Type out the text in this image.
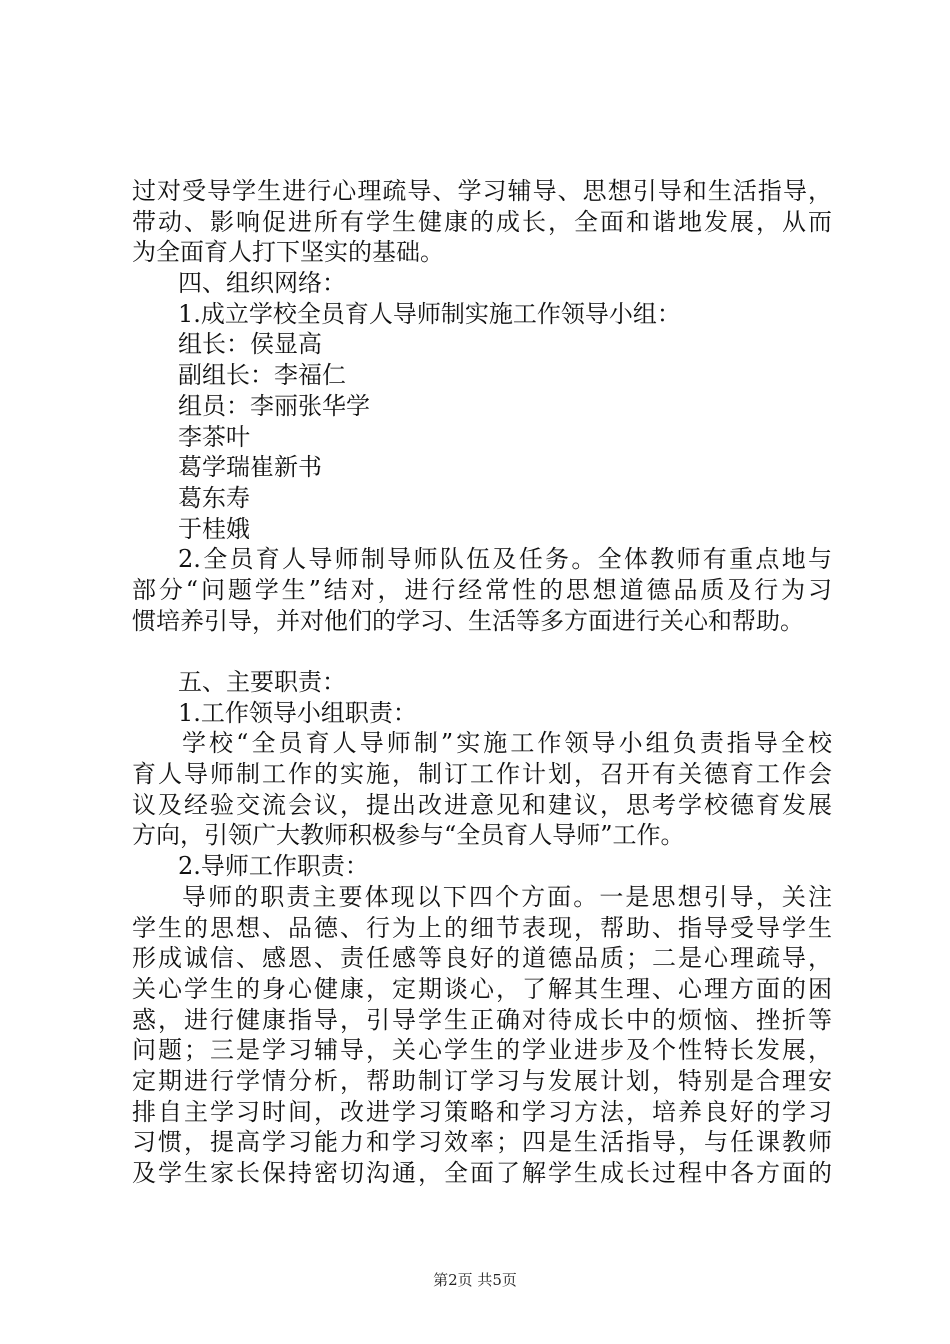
过对受导学生进行心理疏导、学习辅导、思想引导和生活指导，
带动、影响促进所有学生健康的成长，全面和谐地发展，从而
为全面育人打下坚实的基础。
四、组织网络：
1.成立学校全员育人导师制实施工作领导小组：
组长：侯显高
副组长：李福仁
组员：李丽张华学
李茶叶
葛学瑞崔新书
葛东寿
于桂娥
2.全员育人导师制导师队伍及任务。全体教师有重点地与
部分“问题学生”结对，进行经常性的思想道德品质及行为习
惯培养引导，并对他们的学习、生活等多方面进行关心和帮助。
五、主要职责：
1.工作领导小组职责：
学校“全员育人导师制”实施工作领导小组负责指导全校
育人导师制工作的实施，制订工作计划，召开有关德育工作会
议及经验交流会议，提出改进意见和建议，思考学校德育发展
方向，引领广大教师积极参与“全员育人导师”工作。
2.导师工作职责：
导师的职责主要体现以下四个方面。一是思想引导，关注
学生的思想、品德、行为上的细节表现，帮助、指导受导学生
形成诚信、感恩、责任感等良好的道德品质；二是心理疏导，
关心学生的身心健康，定期谈心，了解其生理、心理方面的困
惑，进行健康指导，引导学生正确对待成长中的烦恼、挫折等
问题；三是学习辅导，关心学生的学业进步及个性特长发展，
定期进行学情分析，帮助制订学习与发展计划，特别是合理安
排自主学习时间，改进学习策略和学习方法，培养良好的学习
习惯，提高学习能力和学习效率；四是生活指导，与任课教师
及学生家长保持密切沟通，全面了解学生成长过程中各方面的
第2页 共5页
